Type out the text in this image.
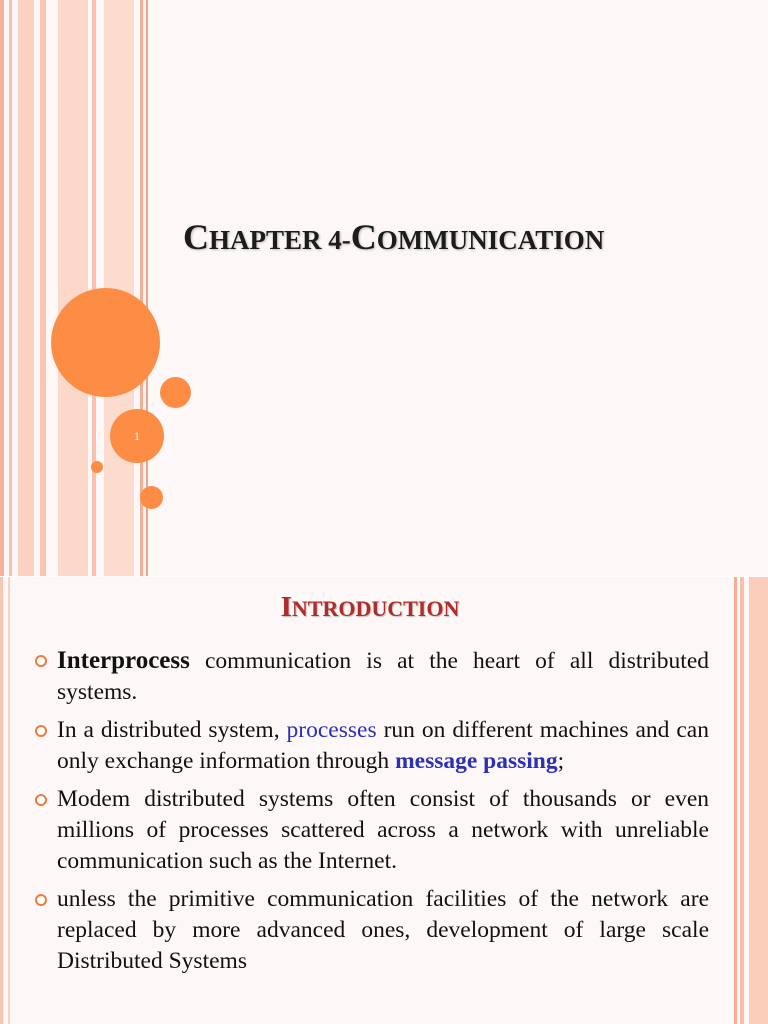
1
CHAPTER 4-COMMUNICATION
INTRODUCTION
Interprocess communication is at the heart of all distributed systems.
In a distributed system, processes run on different machines and can only exchange information through message passing;
Modem distributed systems often consist of thousands or even millions of processes scattered across a network with unreliable communication such as the Internet.
unless the primitive communication facilities of the network are replaced by more advanced ones, development of large scale Distributed Systems
